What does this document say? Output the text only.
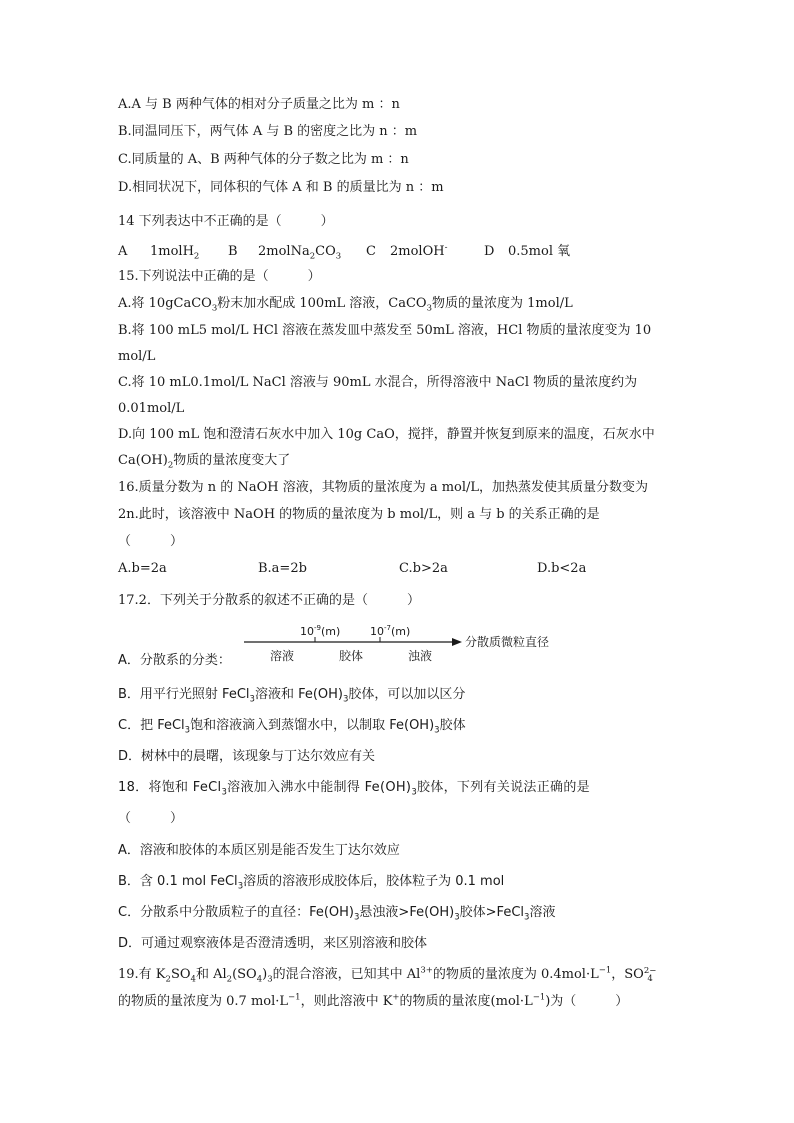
A.A 与 B 两种气体的相对分子质量之比为 m ：n
B.同温同压下，两气体 A 与 B 的密度之比为 n ：m
C.同质量的 A、B 两种气体的分子数之比为 m ：n
D.相同状况下，同体积的气体 A 和 B 的质量比为 n ：m
14 下列表达中不正确的是（　　　）
A 1molH$_2$ B $2molNa_2CO_3$ C 2molOH-	D 0.5mol 氧
15.下列说法中正确的是（　　　）
A.将 10gCaCO$_3$粉末加水配成 100mL 溶液，CaCO$_3$物质的量浓度为 1mol/L
B.将 100 mL5 mol/L HCl 溶液在蒸发皿中蒸发至 50mL 溶液，HCl 物质的量浓度变为 10
mol/L
C.将 10 mL0.1mol/L NaCl 溶液与 90mL 水混合，所得溶液中 NaCl 物质的量浓度约为
0.01mol/L
D.向 100 mL 饱和澄清石灰水中加入 10g CaO，搅拌，静置并恢复到原来的温度，石灰水中
$Ca(OH)_2$物质的量浓度变大了
16.质量分数为 n 的 NaOH 溶液，其物质的量浓度为 a mol/L，加热蒸发使其质量分数变为
2n.此时，该溶液中 NaOH 的物质的量浓度为 b mol/L，则 a 与 b 的关系正确的是
（　　　）
A.b=2a	B.a=2b	C.b>2a	D.b<2a
17.2．下列关于分散系的叙述不正确的是（　　　）
A．分散系的分类：
$10^{-9}(m)$	$10^{-7}(m)$
溶液	胶体	浊液
分散质微粒直径
B．用平行光照射 FeCl$_3$溶液和 $Fe(OH)_3$胶体，可以加以区分
C．把 FeCl$_3$饱和溶液滴入到蒸馏水中，以制取 $Fe(OH)_3$胶体
D．树林中的晨曙，该现象与丁达尔效应有关
18．将饱和 FeCl$_3$溶液加入沸水中能制得 $Fe(OH)_3$胶体，下列有关说法正确的是
（　　　）
A．溶液和胶体的本质区别是能否发生丁达尔效应
B．含 0.1 mol FeCl$_3$溶质的溶液形成胶体后，胶体粒子为 0.1 mol
C．分散系中分散质粒子的直径：$Fe(OH)_3$悬浊液$>Fe(OH)_3$胶体>FeCl$_3$溶液
D．可通过观察液体是否澄清透明，来区别溶液和胶体
19.有 $K_2SO_4$和 $Al_2(SO_4)_3$的混合溶液，已知其中 $Al^{3+}$的物质的量浓度为 $0.4mol\cdot L^{-1}$，SO 2−
4
的物质的量浓度为 0.7 $mol\cdot L^{-1}$，则此溶液中 K+的物质的量浓度$(mol\cdot L^{-1})$为（　　　）
